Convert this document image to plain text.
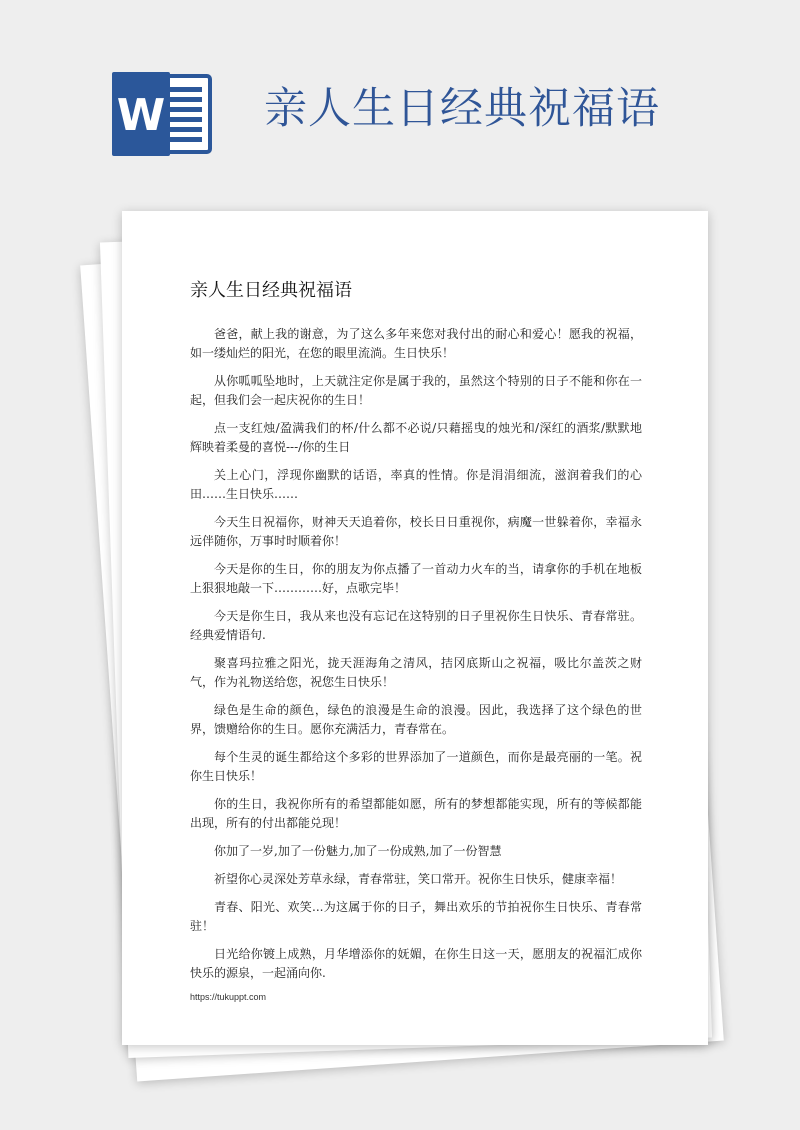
W 亲人生日经典祝福语
亲人生日经典祝福语

爸爸，献上我的谢意，为了这么多年来您对我付出的耐心和爱心！愿我的祝福，如一缕灿烂的阳光，在您的眼里流淌。生日快乐！

从你呱呱坠地时，上天就注定你是属于我的，虽然这个特别的日子不能和你在一起，但我们会一起庆祝你的生日！

点一支红烛/盈满我们的杯/什么都不必说/只藉摇曳的烛光和/深红的酒浆/默默地辉映着柔曼的喜悦---/你的生日

关上心门，浮现你幽默的话语，率真的性情。你是涓涓细流，滋润着我们的心田……生日快乐……

今天生日祝福你，财神天天追着你，校长日日重视你，病魔一世躲着你，幸福永远伴随你，万事时时顺着你！

今天是你的生日，你的朋友为你点播了一首动力火车的当，请拿你的手机在地板上狠狠地敲一下…………好，点歌完毕！

今天是你生日，我从来也没有忘记在这特别的日子里祝你生日快乐、青春常驻。经典爱情语句.

聚喜玛拉雅之阳光，拢天涯海角之清风，拮冈底斯山之祝福，吸比尔盖茨之财气，作为礼物送给您，祝您生日快乐！

绿色是生命的颜色，绿色的浪漫是生命的浪漫。因此，我选择了这个绿色的世界，馈赠给你的生日。愿你充满活力，青春常在。

每个生灵的诞生都给这个多彩的世界添加了一道颜色，而你是最亮丽的一笔。祝你生日快乐！

你的生日，我祝你所有的希望都能如愿，所有的梦想都能实现，所有的等候都能出现，所有的付出都能兑现！

你加了一岁,加了一份魅力,加了一份成熟,加了一份智慧

祈望你心灵深处芳草永绿，青春常驻，笑口常开。祝你生日快乐，健康幸福！

青春、阳光、欢笑...为这属于你的日子，舞出欢乐的节拍祝你生日快乐、青春常驻！

日光给你镀上成熟，月华增添你的妩媚，在你生日这一天，愿朋友的祝福汇成你快乐的源泉，一起涌向你.

https://tukuppt.com
